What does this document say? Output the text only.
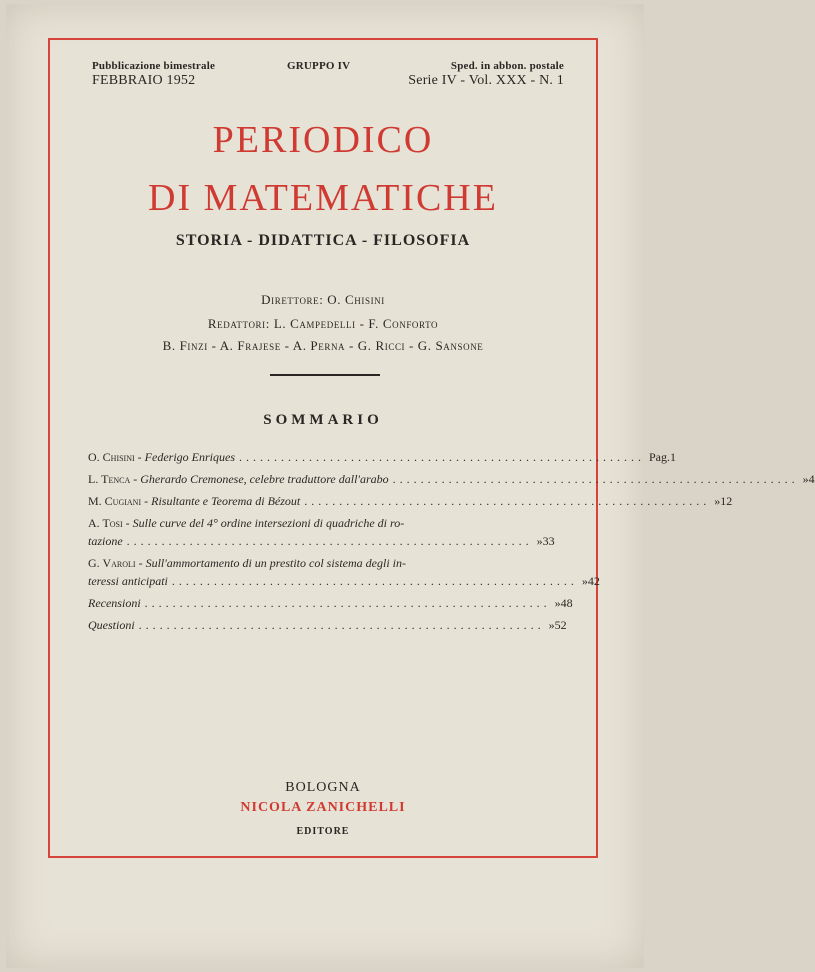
Pubblicazione bimestrale	GRUPPO IV	Sped. in abbon. postale
FEBBRAIO 1952	Serie IV - Vol. XXX - N. 1
PERIODICO
DI MATEMATICHE
STORIA - DIDATTICA - FILOSOFIA
Direttore: O. Chisini
Redattori: L. Campedelli - F. Conforto
B. Finzi - A. Frajese - A. Perna - G. Ricci - G. Sansone
SOMMARIO
O. Chisini - Federigo Enriques .......................................................... Pag. 1
L. Tenca - Gherardo Cremonese, celebre traduttore dall'arabo .......................................................... » 4
M. Cugiani - Risultante e Teorema di Bézout .......................................................... » 12
A. Tosi - Sulle curve del 4° ordine intersezioni di quadriche di ro-
tazione .......................................................... » 33
G. Varoli - Sull'ammortamento di un prestito col sistema degli in-
teressi anticipati .......................................................... » 42
Recensioni .......................................................... » 48
Questioni .......................................................... » 52
BOLOGNA
NICOLA ZANICHELLI
EDITORE
